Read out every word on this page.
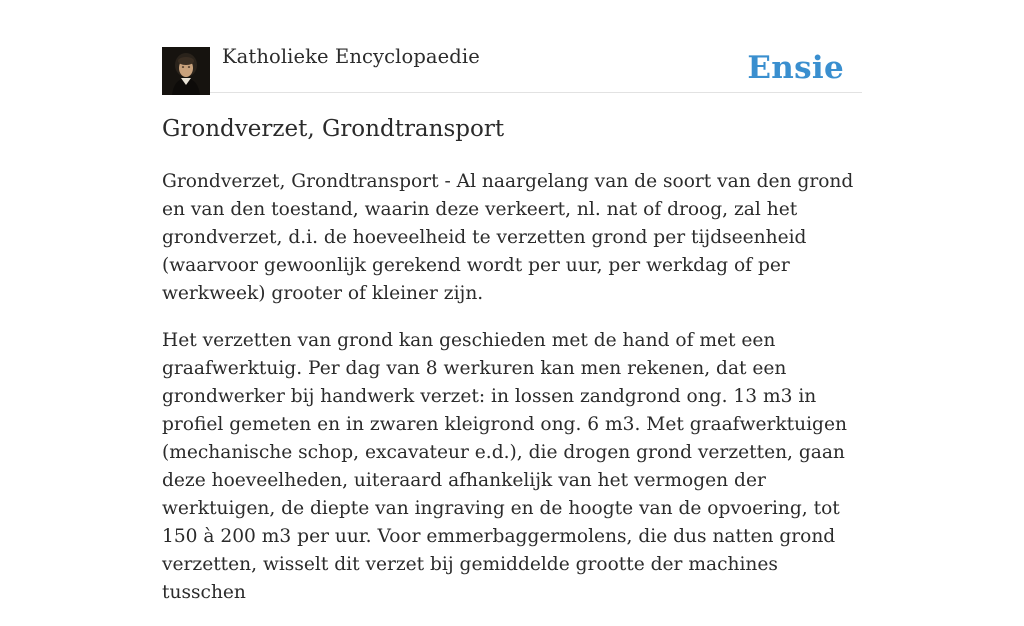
Katholieke Encyclopaedie	Ensie
Grondverzet, Grondtransport

Grondverzet, Grondtransport - Al naargelang van de soort van den grond en van den toestand, waarin deze verkeert, nl. nat of droog, zal het grondverzet, d.i. de hoeveelheid te verzetten grond per tijdseenheid (waarvoor gewoonlijk gerekend wordt per uur, per werkdag of per werkweek) grooter of kleiner zijn.

Het verzetten van grond kan geschieden met de hand of met een graafwerktuig. Per dag van 8 werkuren kan men rekenen, dat een grondwerker bij handwerk verzet: in lossen zandgrond ong. 13 m3 in profiel gemeten en in zwaren kleigrond ong. 6 m3. Met graafwerktuigen (mechanische schop, excavateur e.d.), die drogen grond verzetten, gaan deze hoeveelheden, uiteraard afhankelijk van het vermogen der werktuigen, de diepte van ingraving en de hoogte van de opvoering, tot 150 à 200 m3 per uur. Voor emmerbaggermolens, die dus natten grond verzetten, wisselt dit verzet bij gemiddelde grootte der machines tusschen
